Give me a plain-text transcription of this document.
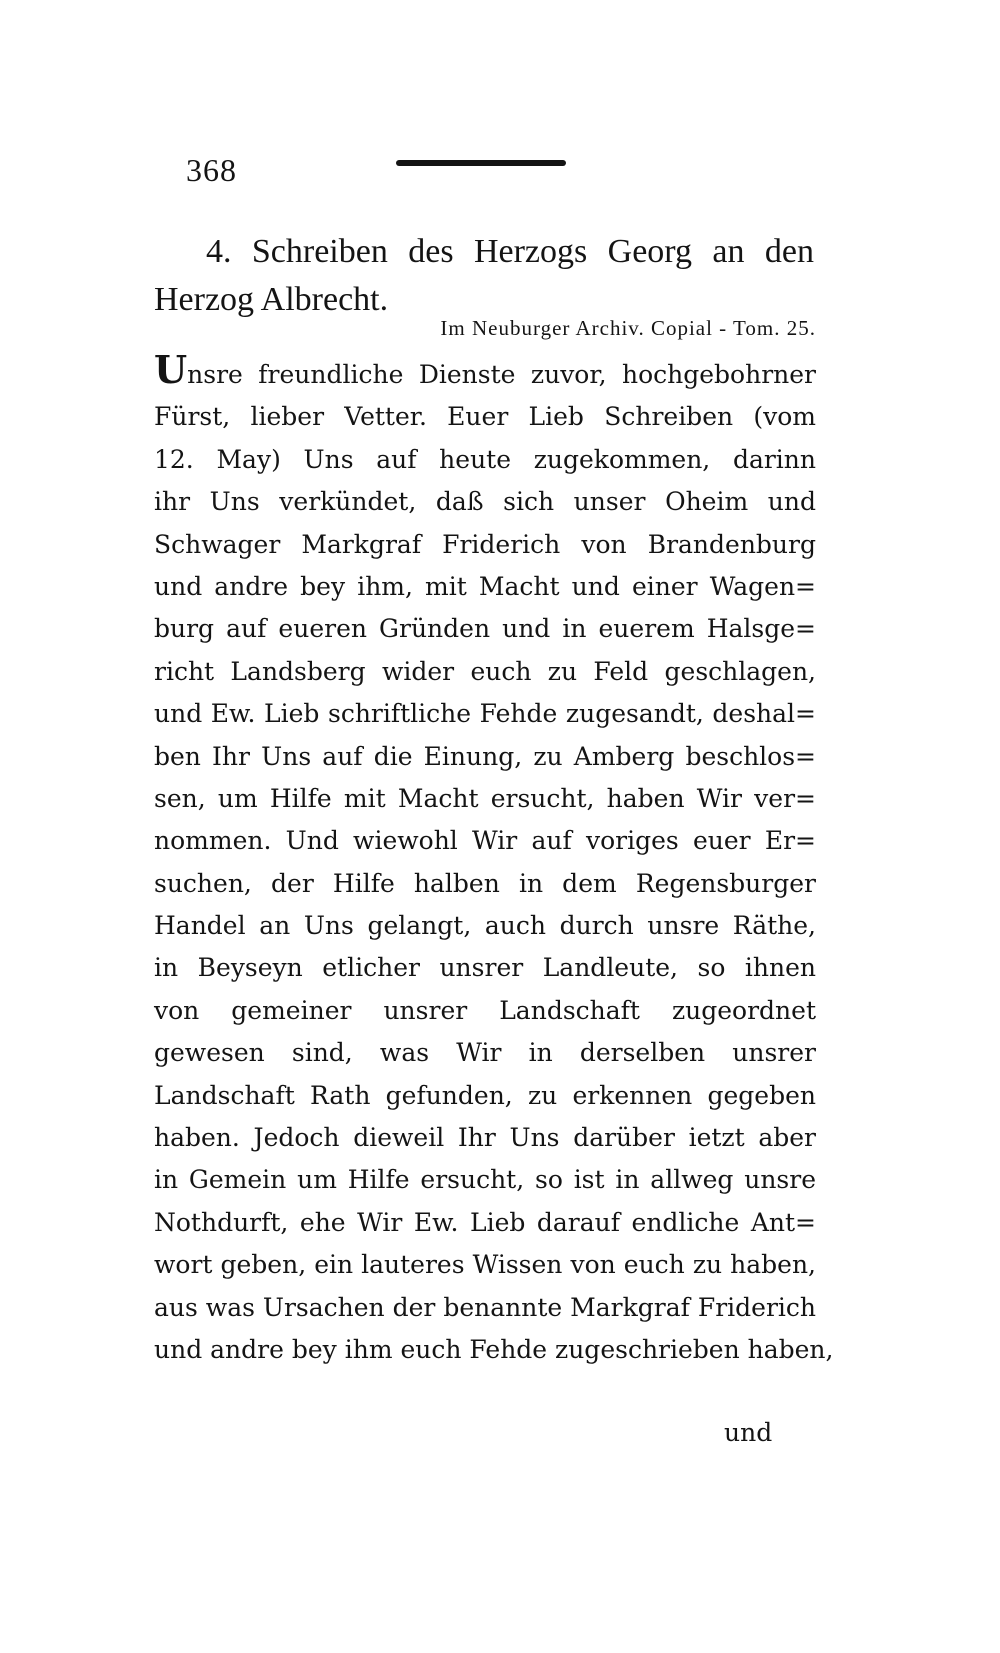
368
4. Schreiben des Herzogs Georg an den
Herzog Albrecht.
Im Neuburger Archiv. Copial - Tom. 25.
Unsre freundliche Dienste zuvor, hochgebohrner
Fürst, lieber Vetter. Euer Lieb Schreiben (vom
12. May) Uns auf heute zugekommen, darinn
ihr Uns verkündet, daß sich unser Oheim und
Schwager Markgraf Friderich von Brandenburg
und andre bey ihm, mit Macht und einer Wagen=
burg auf eueren Gründen und in euerem Halsge=
richt Landsberg wider euch zu Feld geschlagen,
und Ew. Lieb schriftliche Fehde zugesandt, deshal=
ben Ihr Uns auf die Einung, zu Amberg beschlos=
sen, um Hilfe mit Macht ersucht, haben Wir ver=
nommen. Und wiewohl Wir auf voriges euer Er=
suchen, der Hilfe halben in dem Regensburger
Handel an Uns gelangt, auch durch unsre Räthe,
in Beyseyn etlicher unsrer Landleute, so ihnen
von gemeiner unsrer Landschaft zugeordnet
gewesen sind, was Wir in derselben unsrer
Landschaft Rath gefunden, zu erkennen gegeben
haben. Jedoch dieweil Ihr Uns darüber ietzt aber
in Gemein um Hilfe ersucht, so ist in allweg unsre
Nothdurft, ehe Wir Ew. Lieb darauf endliche Ant=
wort geben, ein lauteres Wissen von euch zu haben,
aus was Ursachen der benannte Markgraf Friderich
und andre bey ihm euch Fehde zugeschrieben haben,
und
